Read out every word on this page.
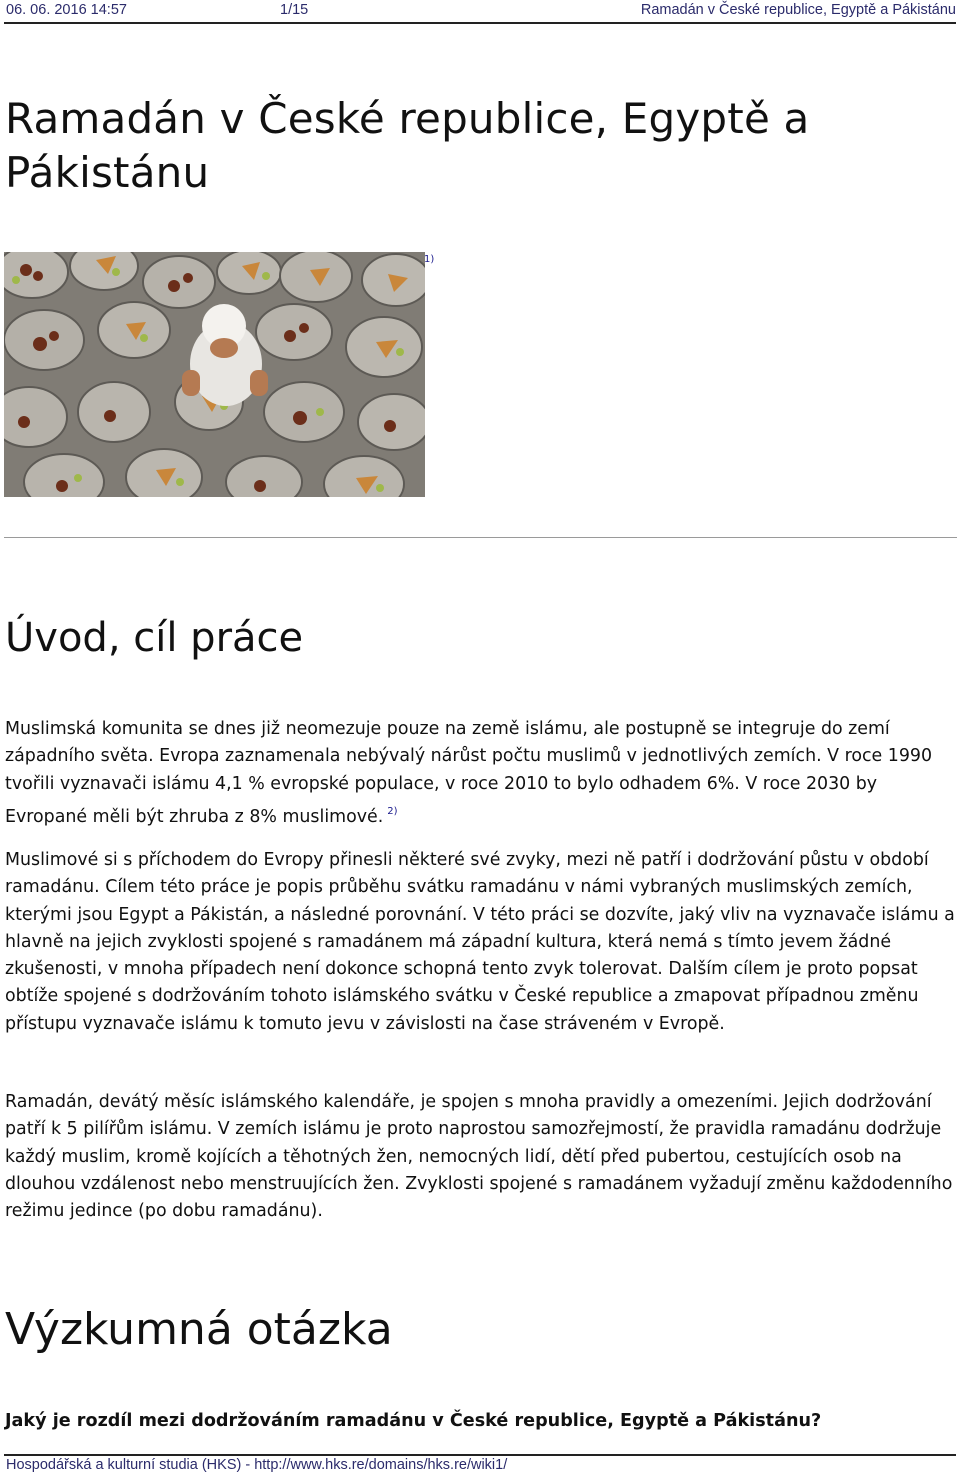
06. 06. 2016 14:57	1/15	Ramadán v České republice, Egyptě a Pákistánu
Ramadán v České republice, Egyptě a Pákistánu
1)
Úvod, cíl práce

Muslimská komunita se dnes již neomezuje pouze na země islámu, ale postupně se integruje do zemí západního světa. Evropa zaznamenala nebývalý nárůst počtu muslimů v jednotlivých zemích. V roce 1990 tvořili vyznavači islámu 4,1 % evropské populace, v roce 2010 to bylo odhadem 6%. V roce 2030 by Evropané měli být zhruba z 8% muslimové. $^{2)}$

Muslimové si s příchodem do Evropy přinesli některé své zvyky, mezi ně patří i dodržování půstu v období ramadánu. Cílem této práce je popis průběhu svátku ramadánu v námi vybraných muslimských zemích, kterými jsou Egypt a Pákistán, a následné porovnání. V této práci se dozvíte, jaký vliv na vyznavače islámu a hlavně na jejich zvyklosti spojené s ramadánem má západní kultura, která nemá s tímto jevem žádné zkušenosti, v mnoha případech není dokonce schopná tento zvyk tolerovat. Dalším cílem je proto popsat obtíže spojené s dodržováním tohoto islámského svátku v České republice a zmapovat případnou změnu přístupu vyznavače islámu k tomuto jevu v závislosti na čase stráveném v Evropě.

Ramadán, devátý měsíc islámského kalendáře, je spojen s mnoha pravidly a omezeními. Jejich dodržování patří k 5 pilířům islámu. V zemích islámu je proto naprostou samozřejmostí, že pravidla ramadánu dodržuje každý muslim, kromě kojících a těhotných žen, nemocných lidí, dětí před pubertou, cestujících osob na dlouhou vzdálenost nebo menstruujících žen. Zvyklosti spojené s ramadánem vyžadují změnu každodenního režimu jedince (po dobu ramadánu).

Výzkumná otázka

Jaký je rozdíl mezi dodržováním ramadánu v České republice, Egyptě a Pákistánu?

Hospodářská a kulturní studia (HKS) - http://www.hks.re/domains/hks.re/wiki1/
